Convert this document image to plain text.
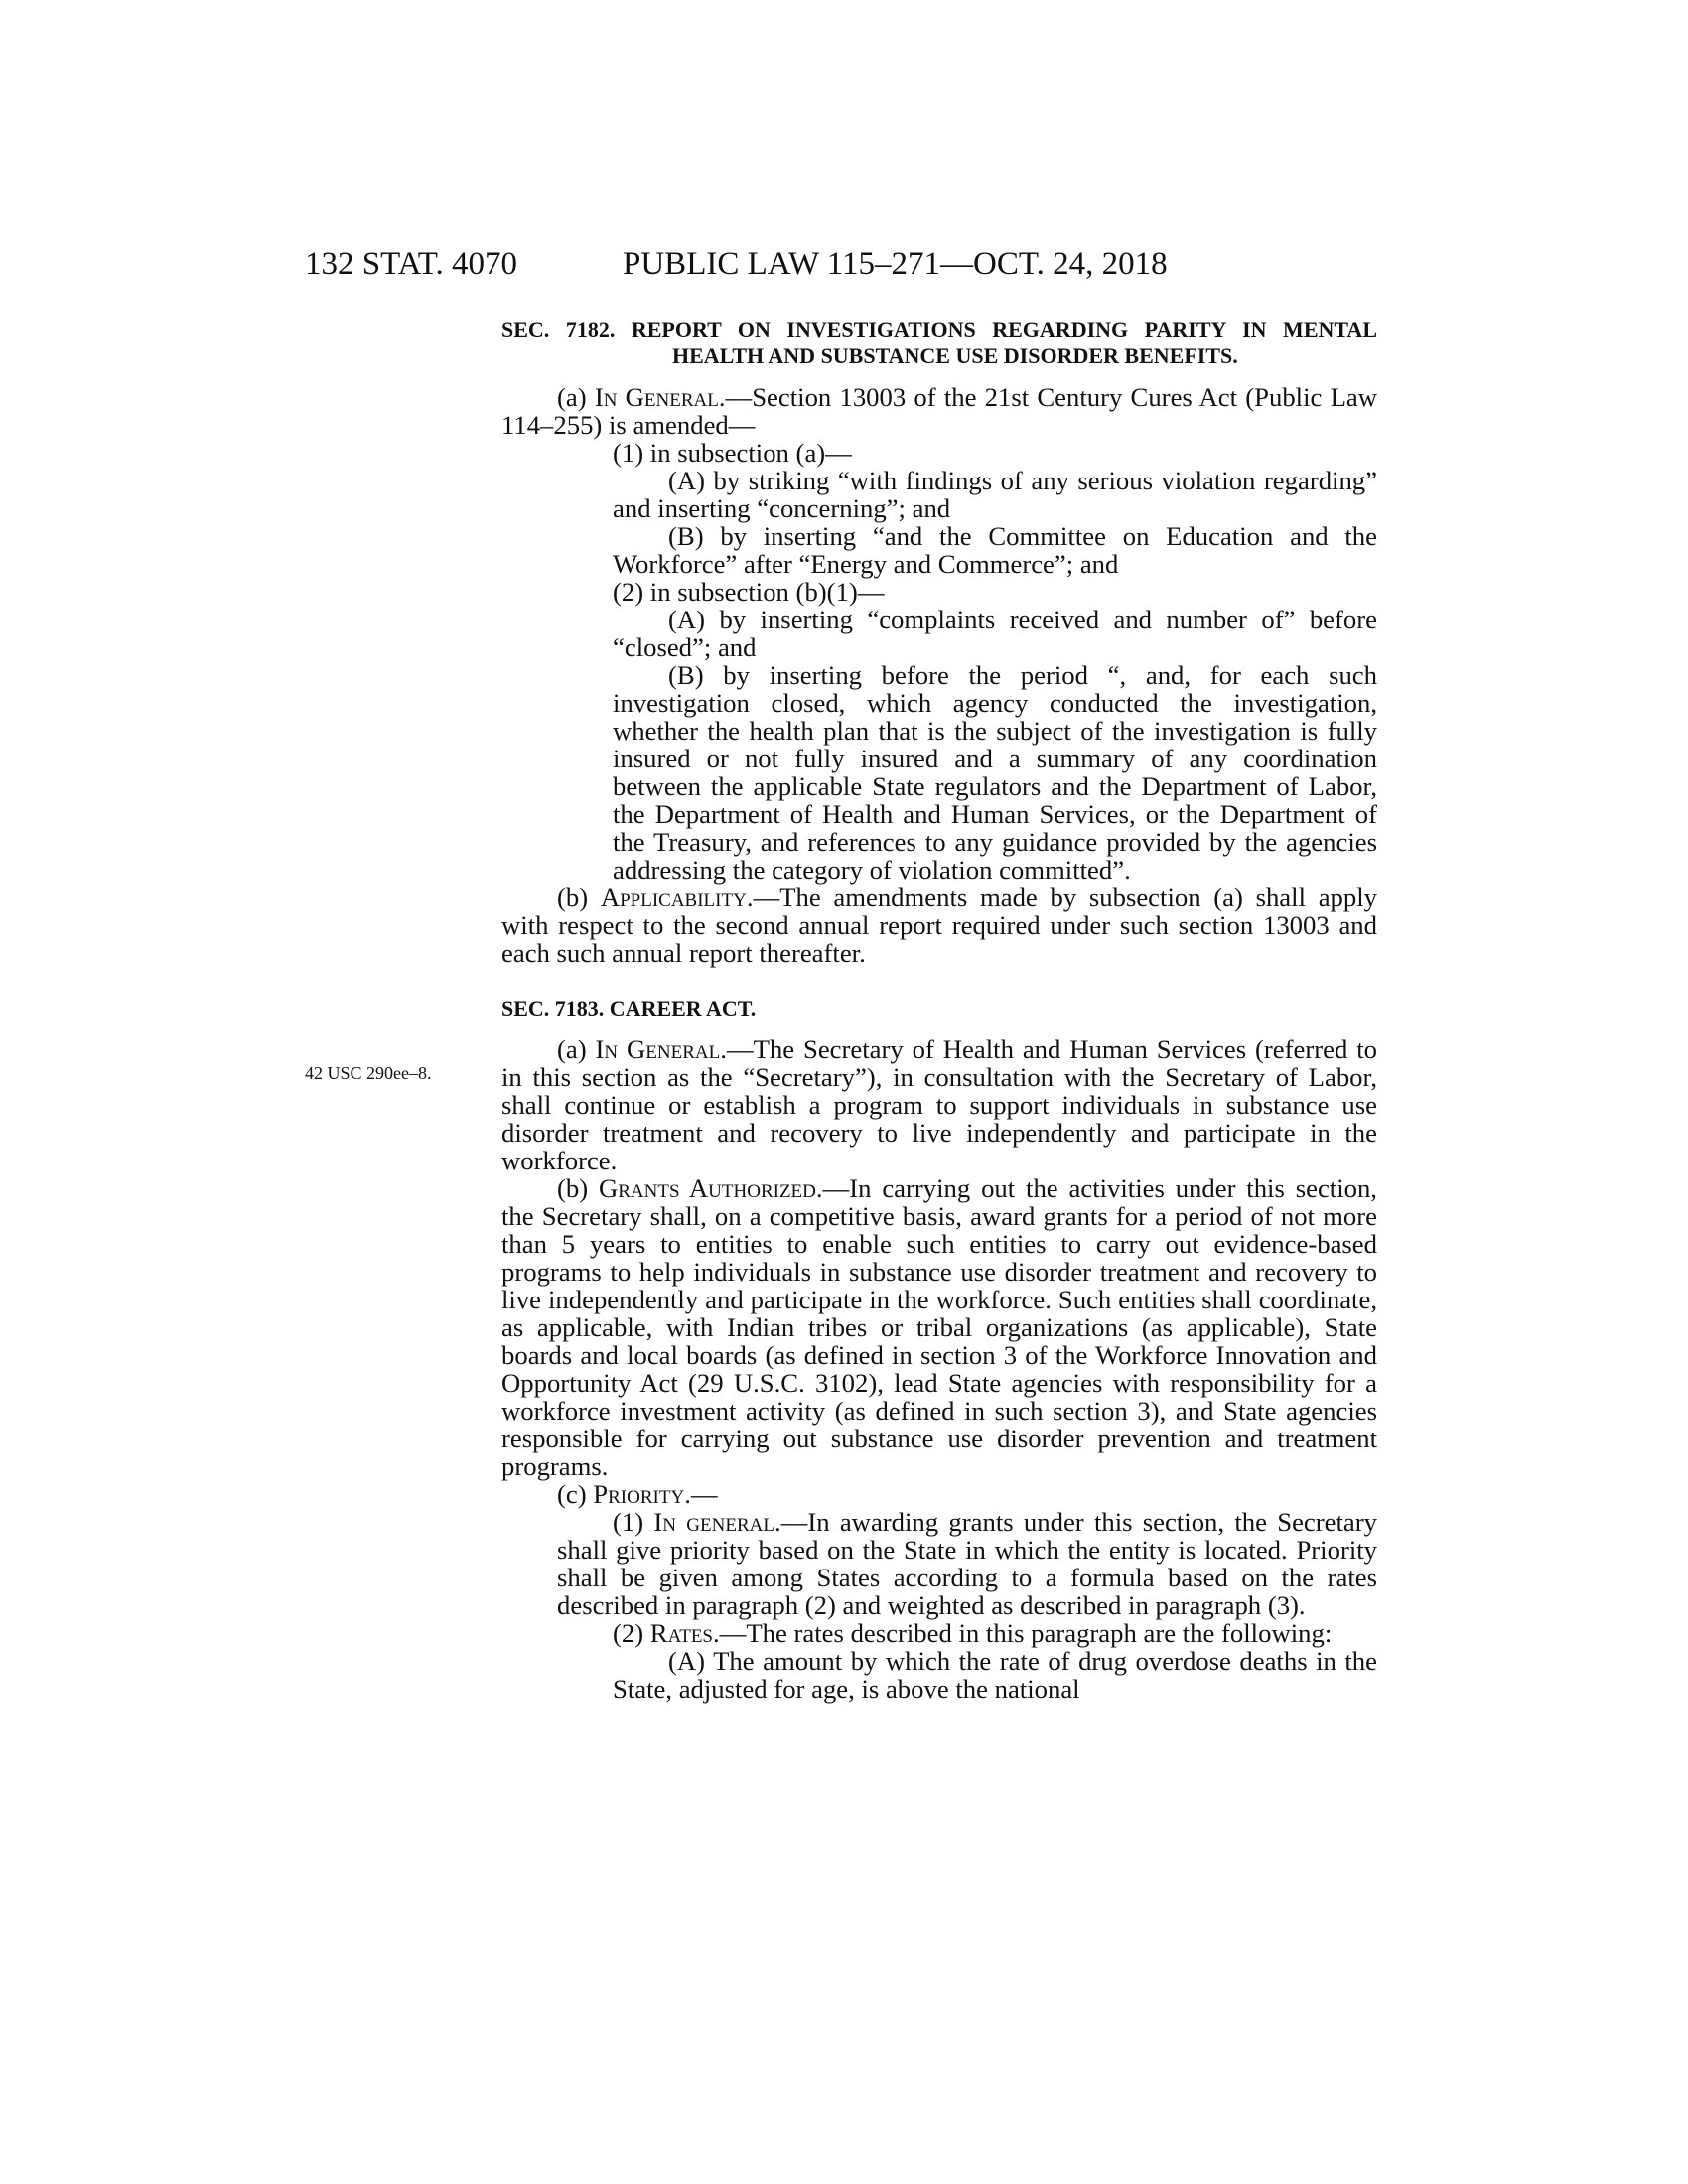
132 STAT. 4070	PUBLIC LAW 115–271—OCT. 24, 2018
42 USC 290ee–8.

SEC. 7182. REPORT ON INVESTIGATIONS REGARDING PARITY IN MENTAL HEALTH AND SUBSTANCE USE DISORDER BENEFITS.

(a) In General.—Section 13003 of the 21st Century Cures Act (Public Law 114–255) is amended—

(1) in subsection (a)—

(A) by striking “with findings of any serious violation regarding” and inserting “concerning”; and

(B) by inserting “and the Committee on Education and the Workforce” after “Energy and Commerce”; and

(2) in subsection (b)(1)—

(A) by inserting “complaints received and number of” before “closed”; and

(B) by inserting before the period “, and, for each such investigation closed, which agency conducted the investigation, whether the health plan that is the subject of the investigation is fully insured or not fully insured and a summary of any coordination between the applicable State regulators and the Department of Labor, the Department of Health and Human Services, or the Department of the Treasury, and references to any guidance provided by the agencies addressing the category of violation committed”.

(b) Applicability.—The amendments made by subsection (a) shall apply with respect to the second annual report required under such section 13003 and each such annual report thereafter.

SEC. 7183. CAREER ACT.

(a) In General.—The Secretary of Health and Human Services (referred to in this section as the “Secretary”), in consultation with the Secretary of Labor, shall continue or establish a program to support individuals in substance use disorder treatment and recovery to live independently and participate in the workforce.

(b) Grants Authorized.—In carrying out the activities under this section, the Secretary shall, on a competitive basis, award grants for a period of not more than 5 years to entities to enable such entities to carry out evidence-based programs to help individuals in substance use disorder treatment and recovery to live independently and participate in the workforce. Such entities shall coordinate, as applicable, with Indian tribes or tribal organizations (as applicable), State boards and local boards (as defined in section 3 of the Workforce Innovation and Opportunity Act (29 U.S.C. 3102), lead State agencies with responsibility for a workforce investment activity (as defined in such section 3), and State agencies responsible for carrying out substance use disorder prevention and treatment programs.

(c) Priority.—

(1) In general.—In awarding grants under this section, the Secretary shall give priority based on the State in which the entity is located. Priority shall be given among States according to a formula based on the rates described in paragraph (2) and weighted as described in paragraph (3).

(2) Rates.—The rates described in this paragraph are the following:

(A) The amount by which the rate of drug overdose deaths in the State, adjusted for age, is above the national
